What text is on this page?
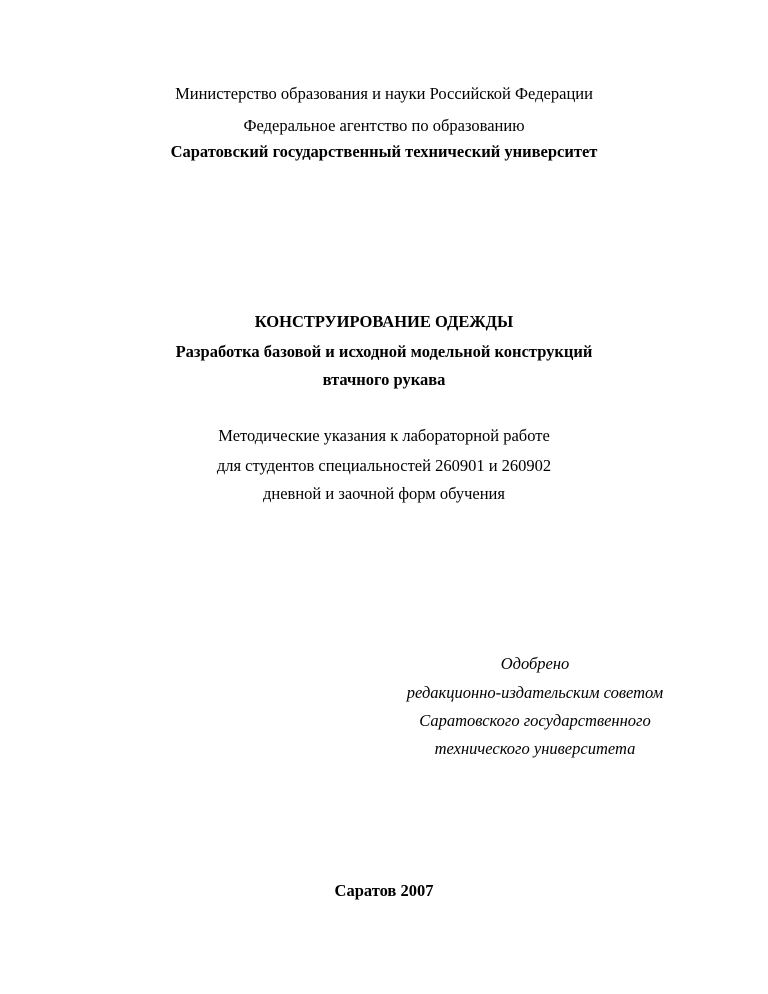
Министерство образования и науки Российской Федерации
Федеральное агентство по образованию
Саратовский государственный технический университет
КОНСТРУИРОВАНИЕ ОДЕЖДЫ
Разработка базовой и исходной модельной конструкций
втачного рукава
Методические указания к лабораторной работе
для студентов специальностей 260901 и 260902
дневной и заочной форм обучения
Одобрено
редакционно-издательским советом
Саратовского государственного
технического университета
Саратов 2007
